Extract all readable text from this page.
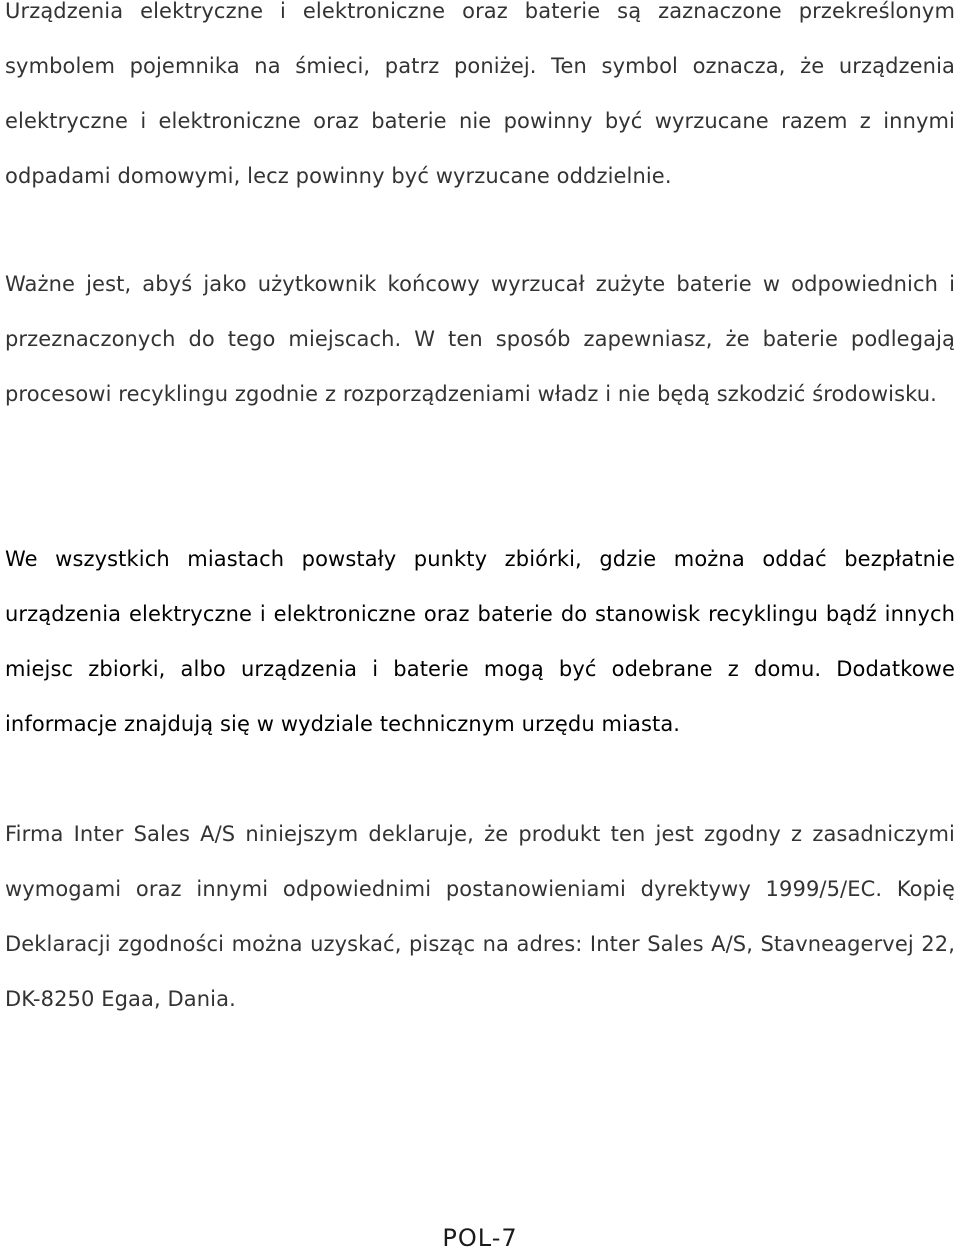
Urządzenia elektryczne i elektroniczne oraz baterie są zaznaczone przekreślonym symbolem pojemnika na śmieci, patrz poniżej. Ten symbol oznacza, że urządzenia elektryczne i elektroniczne oraz baterie nie powinny być wyrzucane razem z innymi odpadami domowymi, lecz powinny być wyrzucane oddzielnie.

Ważne jest, abyś jako użytkownik końcowy wyrzucał zużyte baterie w odpowiednich i przeznaczonych do tego miejscach. W ten sposób zapewniasz, że baterie podlegają procesowi recyklingu zgodnie z rozporządzeniami władz i nie będą szkodzić środowisku.

We wszystkich miastach powstały punkty zbiórki, gdzie można oddać bezpłatnie urządzenia elektryczne i elektroniczne oraz baterie do stanowisk recyklingu bądź innych miejsc zbiorki, albo urządzenia i baterie mogą być odebrane z domu. Dodatkowe informacje znajdują się w wydziale technicznym urzędu miasta.

Firma Inter Sales A/S niniejszym deklaruje, że produkt ten jest zgodny z zasadniczymi wymogami oraz innymi odpowiednimi postanowieniami dyrektywy 1999/5/EC. Kopię Deklaracji zgodności można uzyskać, pisząc na adres: Inter Sales A/S, Stavneagervej 22, DK-8250 Egaa, Dania.

POL-7
